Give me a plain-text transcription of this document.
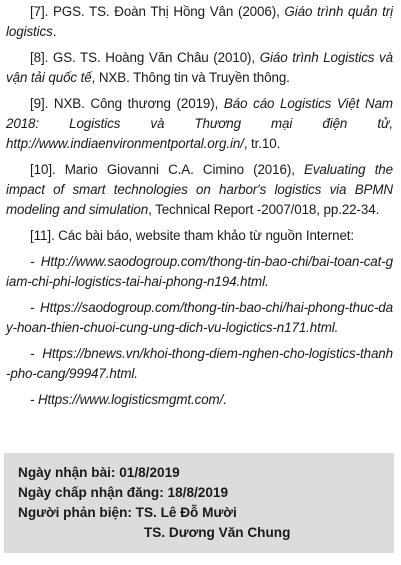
[7]. PGS. TS. Đoàn Thị Hồng Vân (2006), Giáo trình quản trị logistics.

[8]. GS. TS. Hoàng Văn Châu (2010), Giáo trình Logistics và vận tải quốc tế, NXB. Thông tin và Truyền thông.

[9]. NXB. Công thương (2019), Báo cáo Logistics Việt Nam 2018: Logistics và Thương mại điện tử, http://www.indiaenvironmentportal.org.in/, tr.10.

[10]. Mario Giovanni C.A. Cimino (2016), Evaluating the impact of smart technologies on harbor's logistics via BPMN modeling and simulation, Technical Report -2007/018, pp.22-34.

[11]. Các bài báo, website tham khảo từ nguồn Internet:

- Http://www.saodogroup.com/thong-tin-bao-chi/bai-toan-cat-giam-chi-phi-logistics-tai-hai-phong-n194.html.

- Https://saodogroup.com/thong-tin-bao-chi/hai-phong-thuc-day-hoan-thien-chuoi-cung-ung-dich-vu-logictics-n171.html.

- Https://bnews.vn/khoi-thong-diem-nghen-cho-logistics-thanh-pho-cang/99947.html.

- Https://www.logisticsmgmt.com/.

Ngày nhận bài: 01/8/2019
Ngày chấp nhận đăng: 18/8/2019
Người phản biện: TS. Lê Đỗ Mười
TS. Dương Văn Chung
